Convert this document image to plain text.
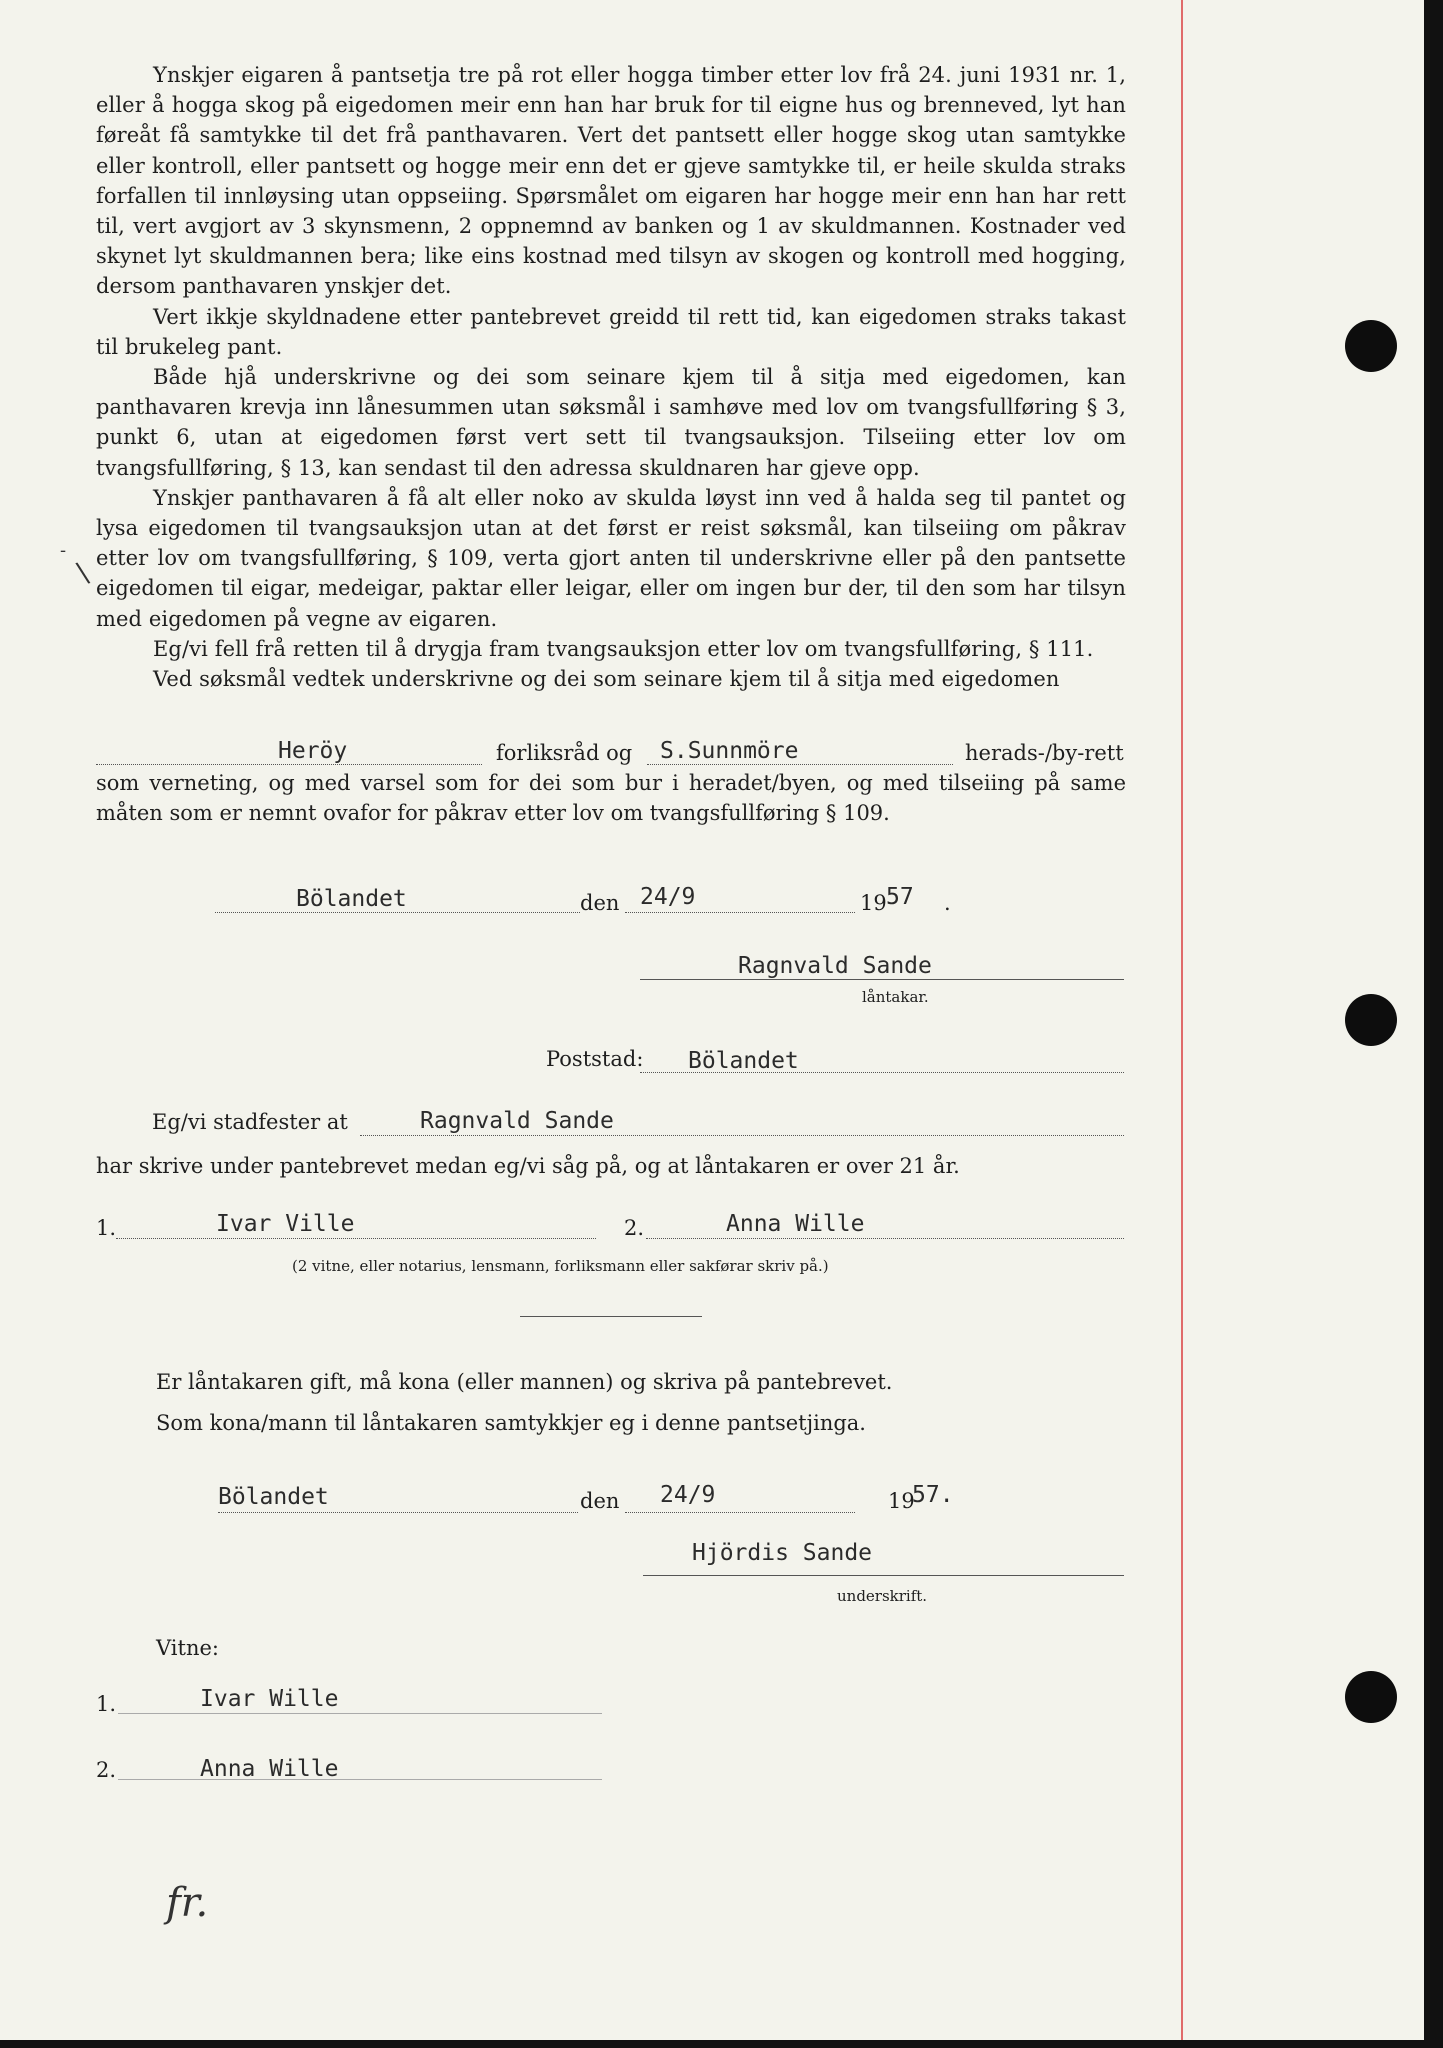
-
\

Ynskjer eigaren å pantsetja tre på rot eller hogga timber etter lov frå 24. juni 1931 nr. 1, eller å hogga skog på eigedomen meir enn han har bruk for til eigne hus og brenneved, lyt han føreåt få samtykke til det frå panthavaren. Vert det pantsett eller hogge skog utan samtykke eller kontroll, eller pantsett og hogge meir enn det er gjeve samtykke til, er heile skulda straks forfallen til innløysing utan oppseiing. Spørsmålet om eigaren har hogge meir enn han har rett til, vert avgjort av 3 skynsmenn, 2 oppnemnd av banken og 1 av skuldmannen. Kostnader ved skynet lyt skuldmannen bera; like eins kostnad med tilsyn av skogen og kontroll med hogging, dersom panthavaren ynskjer det.

Vert ikkje skyldnadene etter pantebrevet greidd til rett tid, kan eigedomen straks takast til brukeleg pant.

Både hjå underskrivne og dei som seinare kjem til å sitja med eigedomen, kan panthavaren krevja inn lånesummen utan søksmål i samhøve med lov om tvangsfullføring § 3, punkt 6, utan at eigedomen først vert sett til tvangsauksjon. Tilseiing etter lov om tvangsfullføring, § 13, kan sendast til den adressa skuldnaren har gjeve opp.

Ynskjer panthavaren å få alt eller noko av skulda løyst inn ved å halda seg til pantet og lysa eigedomen til tvangsauksjon utan at det først er reist søksmål, kan tilseiing om påkrav etter lov om tvangsfullføring, § 109, verta gjort anten til underskrivne eller på den pantsette eigedomen til eigar, medeigar, paktar eller leigar, eller om ingen bur der, til den som har tilsyn med eigedomen på vegne av eigaren.

Eg/vi fell frå retten til å drygja fram tvangsauksjon etter lov om tvangsfullføring, § 111.

Ved søksmål vedtek underskrivne og dei som seinare kjem til å sitja med eigedomen

Heröy	forliksråd og S.Sunnmöre	herads-/by-rett
som verneting, og med varsel som for dei som bur i heradet/byen, og med tilseiing på same
måten som er nemnt ovafor for påkrav etter lov om tvangsfullføring § 109.
Bölandet	den 24/9	19 57 .
Ragnvald Sande
låntakar.
Poststad: Bölandet
Eg/vi stadfester at	Ragnvald Sande
har skrive under pantebrevet medan eg/vi såg på, og at låntakaren er over 21 år.
1.	Ivar Ville	2.	Anna Wille
(2 vitne, eller notarius, lensmann, forliksmann eller sakførar skriv på.)
Er låntakaren gift, må kona (eller mannen) og skriva på pantebrevet.
Som kona/mann til låntakaren samtykkjer eg i denne pantsetjinga.
Bölandet	den 24/9	19
57.
Hjördis Sande
underskrift.
Vitne:
1.	Ivar Wille
2.	Anna Wille
fr.
